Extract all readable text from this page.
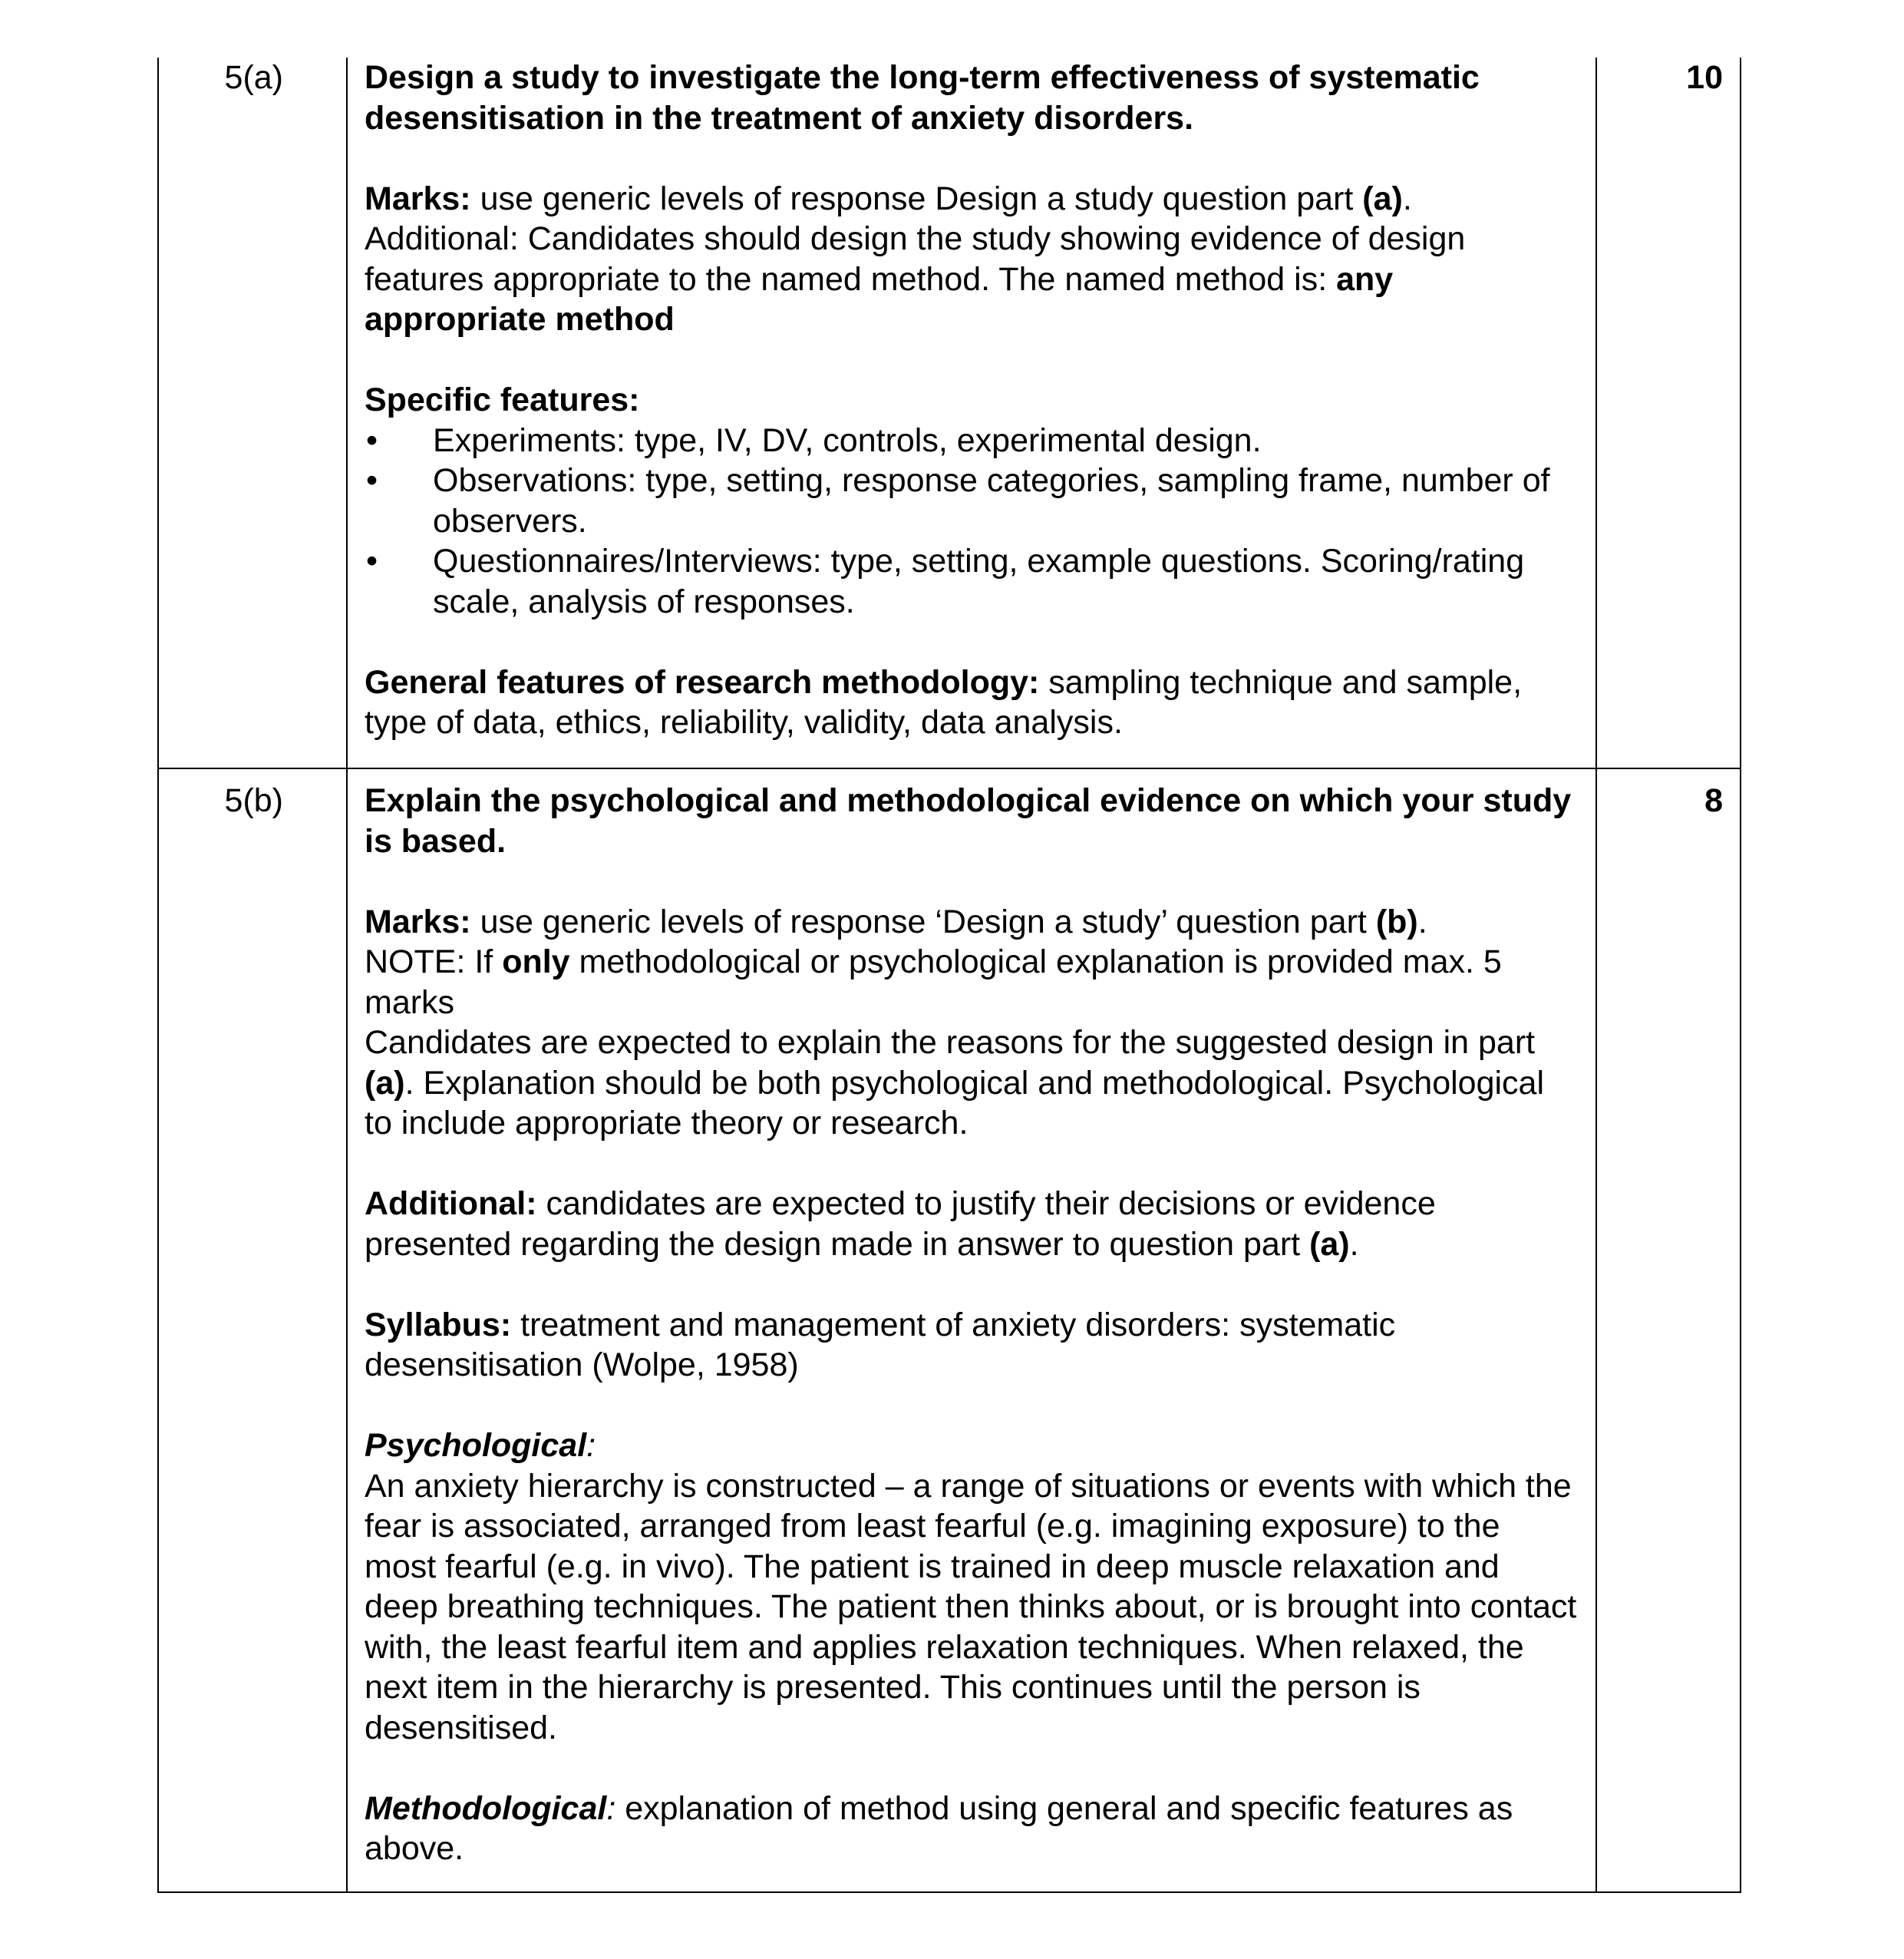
5(a) Design a study to investigate the long-term effectiveness of systematic desensitisation in the treatment of anxiety disorders.

Marks: use generic levels of response Design a study question part (a).

Additional: Candidates should design the study showing evidence of design features appropriate to the named method. The named method is: any appropriate method

Specific features:

• Experiments: type, IV, DV, controls, experimental design.
• Observations: type, setting, response categories, sampling frame, number of observers.
• Questionnaires/Interviews: type, setting, example questions. Scoring/rating scale, analysis of responses.

General features of research methodology: sampling technique and sample, type of data, ethics, reliability, validity, data analysis.

10
5(b) Explain the psychological and methodological evidence on which your study is based.

Marks: use generic levels of response ‘Design a study’ question part (b).

NOTE: If only methodological or psychological explanation is provided max. 5 marks

Candidates are expected to explain the reasons for the suggested design in part (a). Explanation should be both psychological and methodological. Psychological to include appropriate theory or research.

Additional: candidates are expected to justify their decisions or evidence presented regarding the design made in answer to question part (a).

Syllabus: treatment and management of anxiety disorders: systematic desensitisation (Wolpe, 1958)

Psychological:

An anxiety hierarchy is constructed – a range of situations or events with which the fear is associated, arranged from least fearful (e.g. imagining exposure) to the most fearful (e.g. in vivo). The patient is trained in deep muscle relaxation and deep breathing techniques. The patient then thinks about, or is brought into contact with, the least fearful item and applies relaxation techniques. When relaxed, the next item in the hierarchy is presented. This continues until the person is desensitised.

Methodological: explanation of method using general and specific features as above.

8
